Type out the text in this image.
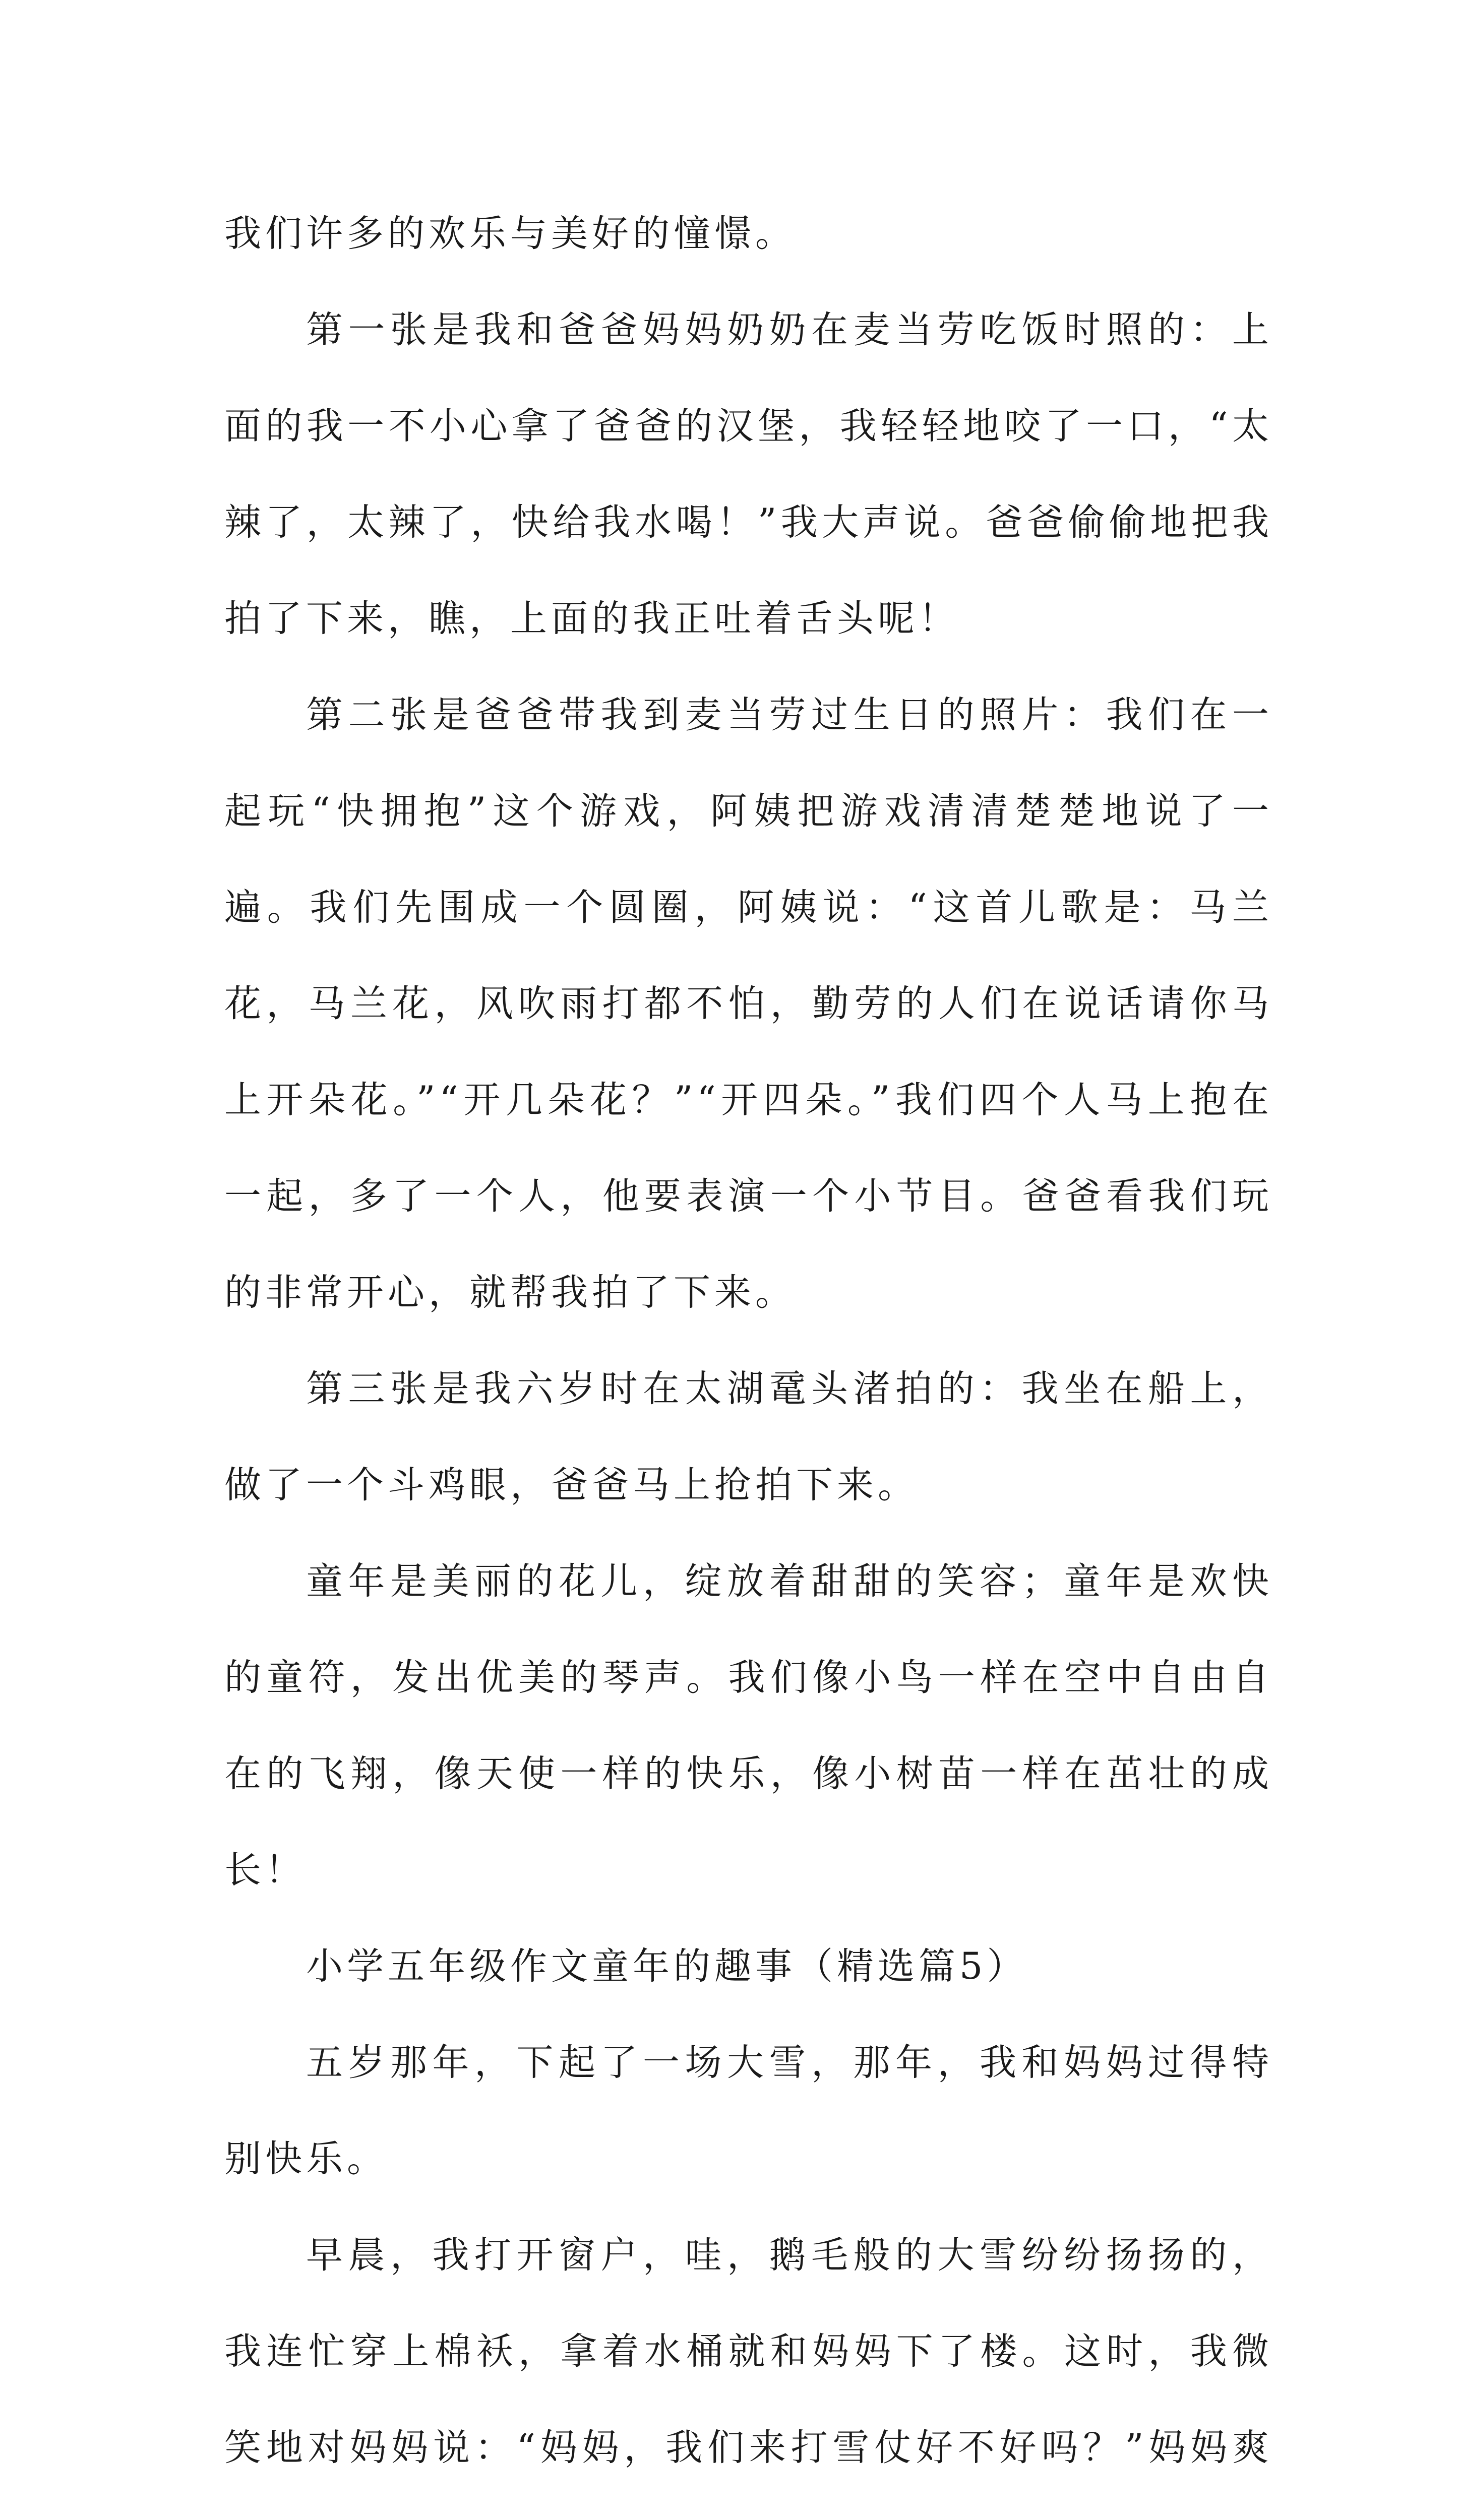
我们许多的欢乐与美好的憧憬。

第一张是我和爸爸妈妈奶奶在麦当劳吃饭时照的：上面的我一不小心拿了爸爸的汉堡，我轻轻地咬了一口，“太辣了，太辣了，快给我水喝！”我大声说。爸爸偷偷地把我拍了下来，瞧，上面的我正吐着舌头呢！

第二张是爸爸带我到麦当劳过生日的照片：我们在一起玩“快拥抱”这个游戏，阿姨把游戏清清楚楚地说了一遍。我们先围成一个圆圈，阿姨说：“这首儿歌是：马兰花，马兰花，风吹雨打都不怕，勤劳的人们在说话请你马上开朵花。”“开几朵花？”“开四朵。”我们四个人马上抱在一起，多了一个人，他要表演一个小节目。爸爸看我们玩的非常开心，就帮我拍了下来。

第三张是我六岁时在太湖鼋头渚拍的：我坐在船上，做了一个斗鸡眼，爸爸马上抢拍下来。

童年是美丽的花儿，绽放着甜甜的笑容；童年是欢快的童符，发出优美的琴声。我们像小鸟一样在空中自由自在的飞翔，像天使一样的快乐，像小树苗一样在茁壮的成长！

小学五年级作文童年的趣事（精选篇5）

五岁那年，下起了一场大雪，那年，我和妈妈过得特别快乐。

早晨，我打开窗户，哇，鹅毛般的大雪纷纷扬扬的，我连忙穿上棉袄，拿着水桶就和妈妈下了楼。这时，我微笑地对妈妈说：“妈妈，我们来打雪仗好不好吗？”妈妈爽
